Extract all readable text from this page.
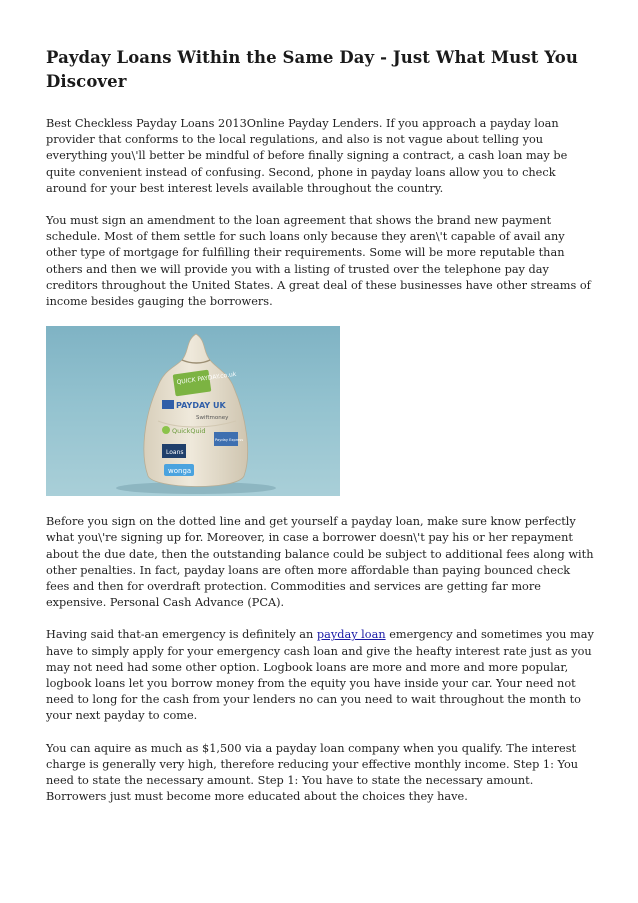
Payday Loans Within the Same Day - Just What Must You Discover

Best Checkless Payday Loans 2013Online Payday Lenders. If you approach a payday loan provider that conforms to the local regulations, and also is not vague about telling you everything you\'ll better be mindful of before finally signing a contract, a cash loan may be quite convenient instead of confusing. Second, phone in payday loans allow you to check around for your best interest levels available throughout the country.

You must sign an amendment to the loan agreement that shows the brand new payment schedule. Most of them settle for such loans only because they aren\'t capable of avail any other type of mortgage for fulfilling their requirements. Some will be more reputable than others and then we will provide you with a listing of trusted over the telephone pay day creditors throughout the United States. A great deal of these businesses have other streams of income besides gauging the borrowers.

QUICK PAYDAY.co.uk
PAYDAY UK
Swiftmoney
QuickQuid
Payday Express
Loans
wonga

Before you sign on the dotted line and get yourself a payday loan, make sure know perfectly what you\'re signing up for. Moreover, in case a borrower doesn\'t pay his or her repayment about the due date, then the outstanding balance could be subject to additional fees along with other penalties. In fact, payday loans are often more affordable than paying bounced check fees and then for overdraft protection. Commodities and services are getting far more expensive. Personal Cash Advance (PCA).

Having said that-an emergency is definitely an payday loan emergency and sometimes you may have to simply apply for your emergency cash loan and give the heafty interest rate just as you may not need had some other option. Logbook loans are more and more and more popular, logbook loans let you borrow money from the equity you have inside your car. Your need not need to long for the cash from your lenders no can you need to wait throughout the month to your next payday to come.

You can aquire as much as $1,500 via a payday loan company when you qualify. The interest charge is generally very high, therefore reducing your effective monthly income. Step 1: You need to state the necessary amount. Step 1: You have to state the necessary amount. Borrowers just must become more educated about the choices they have.
